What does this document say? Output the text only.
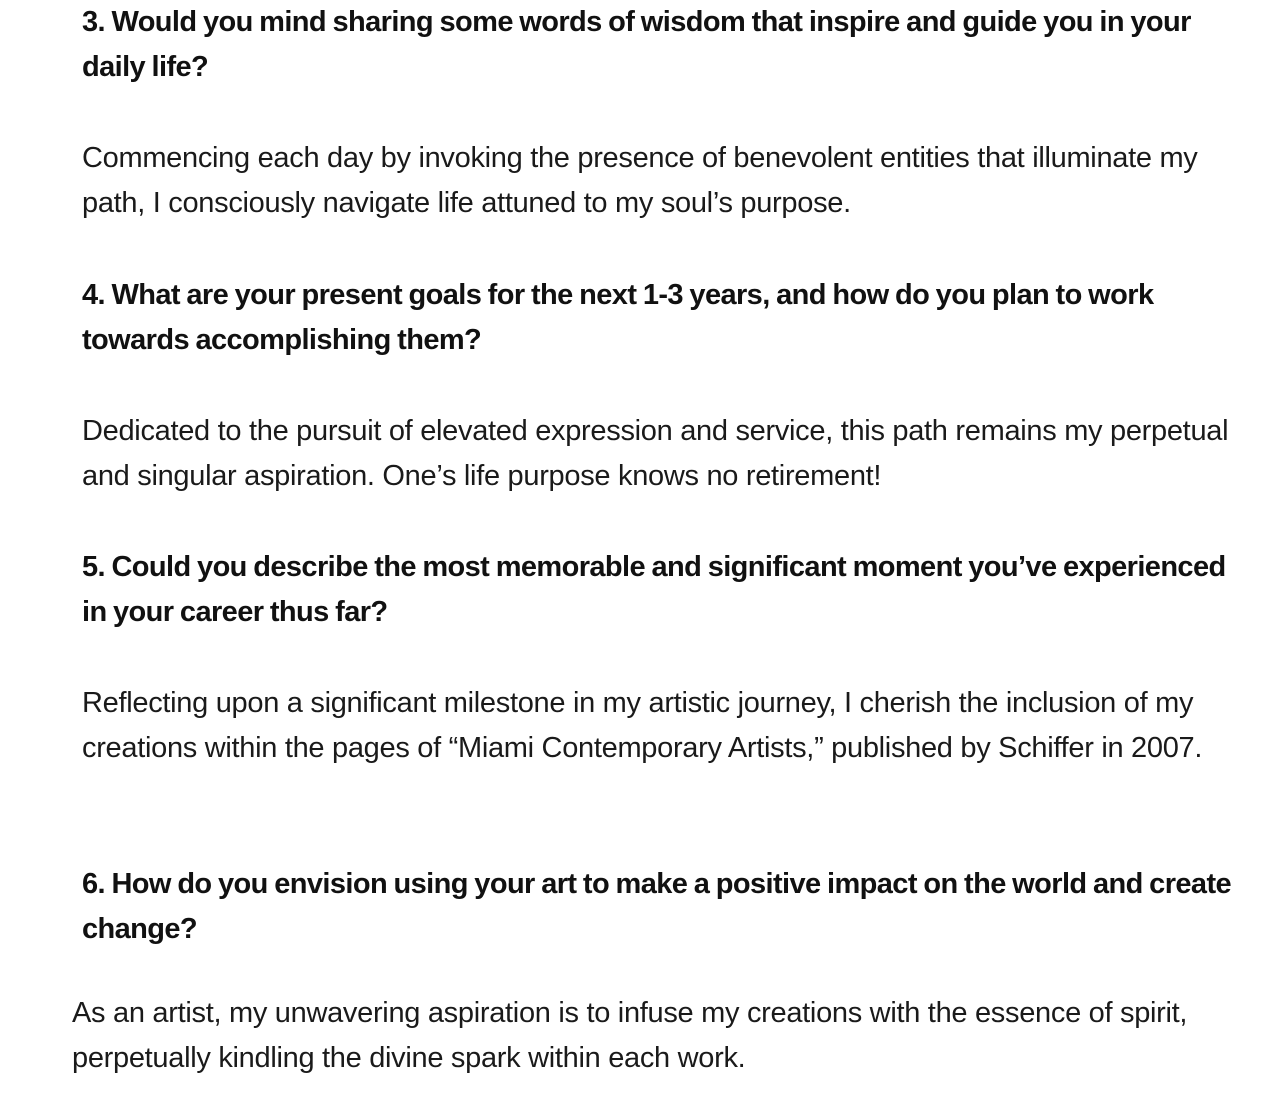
3. Would you mind sharing some words of wisdom that inspire and guide you in your daily life?

Commencing each day by invoking the presence of benevolent entities that illuminate my path, I consciously navigate life attuned to my soul’s purpose.

4. What are your present goals for the next 1-3 years, and how do you plan to work towards accomplishing them?

Dedicated to the pursuit of elevated expression and service, this path remains my perpetual and singular aspiration. One’s life purpose knows no retirement!

5. Could you describe the most memorable and significant moment you’ve experienced in your career thus far?

Reflecting upon a significant milestone in my artistic journey, I cherish the inclusion of my creations within the pages of “Miami Contemporary Artists,” published by Schiffer in 2007.

6. How do you envision using your art to make a positive impact on the world and create change?

As an artist, my unwavering aspiration is to infuse my creations with the essence of spirit, perpetually kindling the divine spark within each work.
